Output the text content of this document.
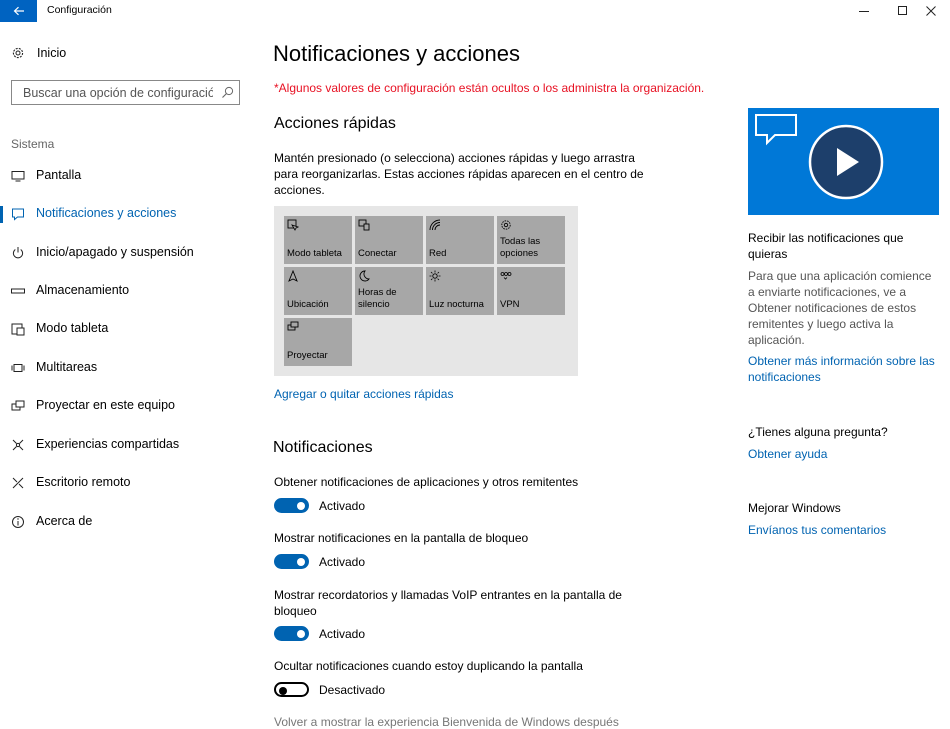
Configuración
Inicio
Buscar una opción de configuración
Sistema
Pantalla
Notificaciones y acciones
Inicio/apagado y suspensión
Almacenamiento
Modo tableta
Multitareas
Proyectar en este equipo
Experiencias compartidas
Escritorio remoto
Acerca de
Notificaciones y acciones
*Algunos valores de configuración están ocultos o los administra la organización.
Acciones rápidas
Mantén presionado (o selecciona) acciones rápidas y luego arrastra para reorganizarlas. Estas acciones rápidas aparecen en el centro de acciones.
Modo tableta	Conectar	Red
Todas las opciones
Ubicación
Horas de silencio	Luz nocturna	VPN
Proyectar
Agregar o quitar acciones rápidas
Notificaciones
Obtener notificaciones de aplicaciones y otros remitentes
Activado
Mostrar notificaciones en la pantalla de bloqueo
Activado
Mostrar recordatorios y llamadas VoIP entrantes en la pantalla de bloqueo
Activado
Ocultar notificaciones cuando estoy duplicando la pantalla
Desactivado
Volver a mostrar la experiencia Bienvenida de Windows después
Recibir las notificaciones que quieras
Para que una aplicación comience a enviarte notificaciones, ve a Obtener notificaciones de estos remitentes y luego activa la aplicación.
Obtener más información sobre las notificaciones
¿Tienes alguna pregunta?
Obtener ayuda
Mejorar Windows
Envíanos tus comentarios
